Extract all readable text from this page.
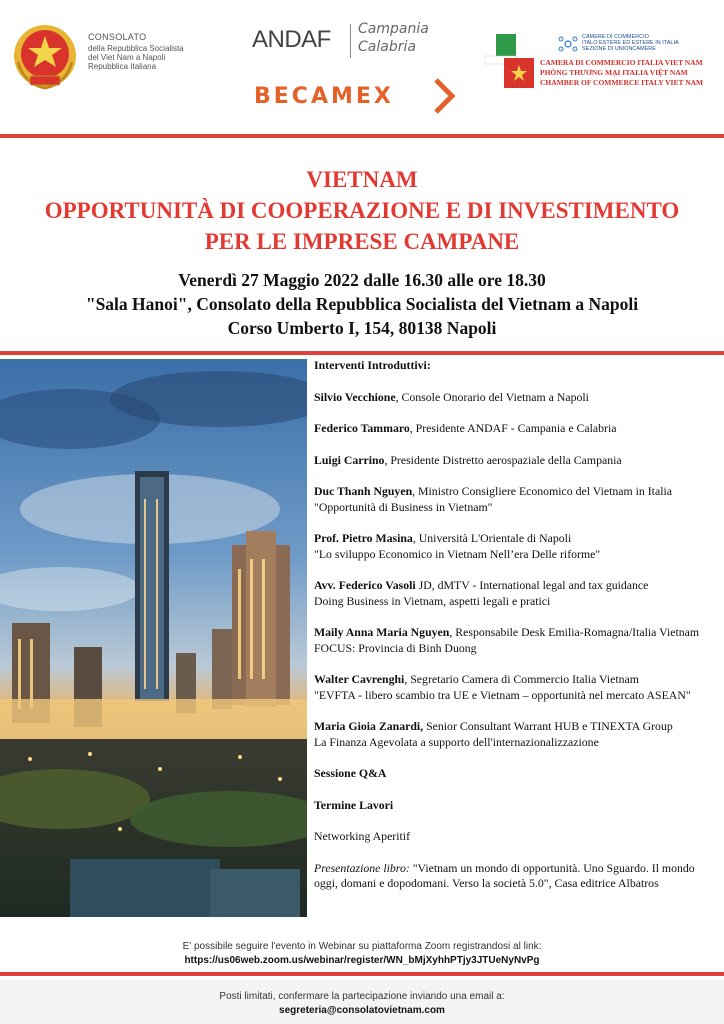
CONSOLATO
della Repubblica Socialista
del Viet Nam a Napoli
Repubblica Italiana
ANDAF Campania
Calabria
BECAMEX
CAMERE DI COMMERCIO
ITALO ESTERE ED ESTERE IN ITALIA
SEZIONE DI UNIONCAMERE
CAMERA DI COMMERCIO ITALIA VIET NAM
PHÒNG THƯƠNG MẠI ITALIA VIỆT NAM
CHAMBER OF COMMERCE ITALY VIET NAM
VIETNAM
OPPORTUNITÀ DI COOPERAZIONE E DI INVESTIMENTO
PER LE IMPRESE CAMPANE
Venerdì 27 Maggio 2022 dalle 16.30 alle ore 18.30
"Sala Hanoi", Consolato della Repubblica Socialista del Vietnam a Napoli
Corso Umberto I, 154, 80138 Napoli
Interventi Introduttivi:
Silvio Vecchione, Console Onorario del Vietnam a Napoli
Federico Tammaro, Presidente ANDAF - Campania e Calabria
Luigi Carrino, Presidente Distretto aerospaziale della Campania
Duc Thanh Nguyen, Ministro Consigliere Economico del Vietnam in Italia
"Opportunità di Business in Vietnam"
Prof. Pietro Masina, Università L'Orientale di Napoli
"Lo sviluppo Economico in Vietnam Nell’era Delle riforme"
Avv. Federico Vasoli JD, dMTV - International legal and tax guidance
Doing Business in Vietnam, aspetti legali e pratici
Maily Anna Maria Nguyen, Responsabile Desk Emilia-Romagna/Italia Vietnam
FOCUS: Provincia di Binh Duong
Walter Cavrenghi, Segretario Camera di Commercio Italia Vietnam
"EVFTA - libero scambio tra UE e Vietnam – opportunità nel mercato ASEAN"
Maria Gioia Zanardi, Senior Consultant Warrant HUB e TINEXTA Group
La Finanza Agevolata a supporto dell'internazionalizzazione
Sessione Q&A
Termine Lavori
Networking Aperitif
Presentazione libro: "Vietnam un mondo di opportunità. Uno Sguardo. Il mondo oggi, domani e dopodomani. Verso la società 5.0", Casa editrice Albatros
E' possibile seguire l'evento in Webinar su piattaforma Zoom registrandosi al link:
https://us06web.zoom.us/webinar/register/WN_bMjXyhhPTjy3JTUeNyNvPg
Posti limitati, confermare la partecipazione inviando una email a:
segreteria@consolatovietnam.com
